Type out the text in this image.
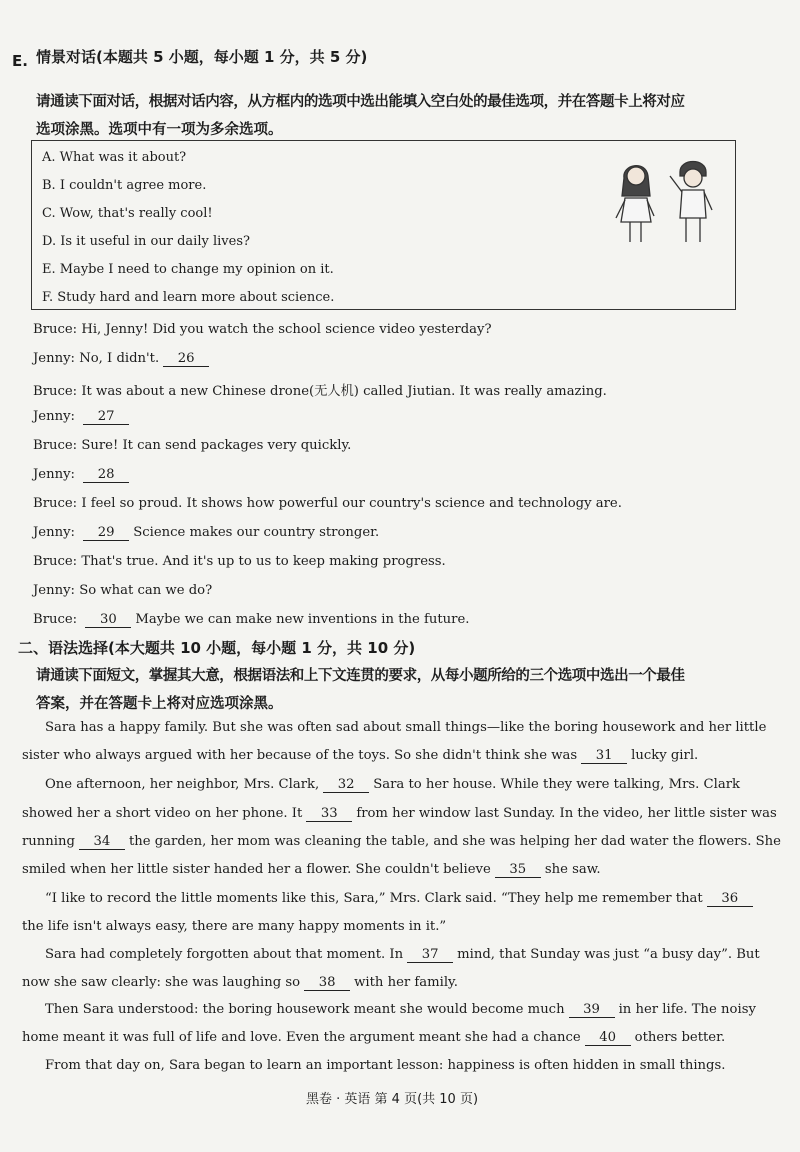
E. 情景对话(本题共 5 小题，每小题 1 分，共 5 分)
请通读下面对话，根据对话内容，从方框内的选项中选出能填入空白处的最佳选项，并在答题卡上将对应
选项涂黑。选项中有一项为多余选项。
A. What was it about?
B. I couldn't agree more.
C. Wow, that's really cool!
D. Is it useful in our daily lives?
E. Maybe I need to change my opinion on it.
F. Study hard and learn more about science.
Bruce: Hi, Jenny! Did you watch the school science video yesterday?
Jenny: No, I didn't. 26
Bruce: It was about a new Chinese drone(无人机) called Jiutian. It was really amazing.
Jenny: 27
Bruce: Sure! It can send packages very quickly.
Jenny: 28
Bruce: I feel so proud. It shows how powerful our country's science and technology are.
Jenny: 29 Science makes our country stronger.
Bruce: That's true. And it's up to us to keep making progress.
Jenny: So what can we do?
Bruce: 30 Maybe we can make new inventions in the future.
二、语法选择(本大题共 10 小题，每小题 1 分，共 10 分)
请通读下面短文，掌握其大意，根据语法和上下文连贯的要求，从每小题所给的三个选项中选出一个最佳
答案，并在答题卡上将对应选项涂黑。
Sara has a happy family. But she was often sad about small things—like the boring housework and her little
sister who always argued with her because of the toys. So she didn't think she was 31 lucky girl.
One afternoon, her neighbor, Mrs. Clark, 32 Sara to her house. While they were talking, Mrs. Clark
showed her a short video on her phone. It 33 from her window last Sunday. In the video, her little sister was
running 34 the garden, her mom was cleaning the table, and she was helping her dad water the flowers. She
smiled when her little sister handed her a flower. She couldn't believe 35 she saw.
“I like to record the little moments like this, Sara,” Mrs. Clark said. “They help me remember that 36
the life isn't always easy, there are many happy moments in it.”
Sara had completely forgotten about that moment. In 37 mind, that Sunday was just “a busy day”. But
now she saw clearly: she was laughing so 38 with her family.
Then Sara understood: the boring housework meant she would become much 39 in her life. The noisy
home meant it was full of life and love. Even the argument meant she had a chance 40 others better.
From that day on, Sara began to learn an important lesson: happiness is often hidden in small things.
黑卷 · 英语 第 4 页(共 10 页)
